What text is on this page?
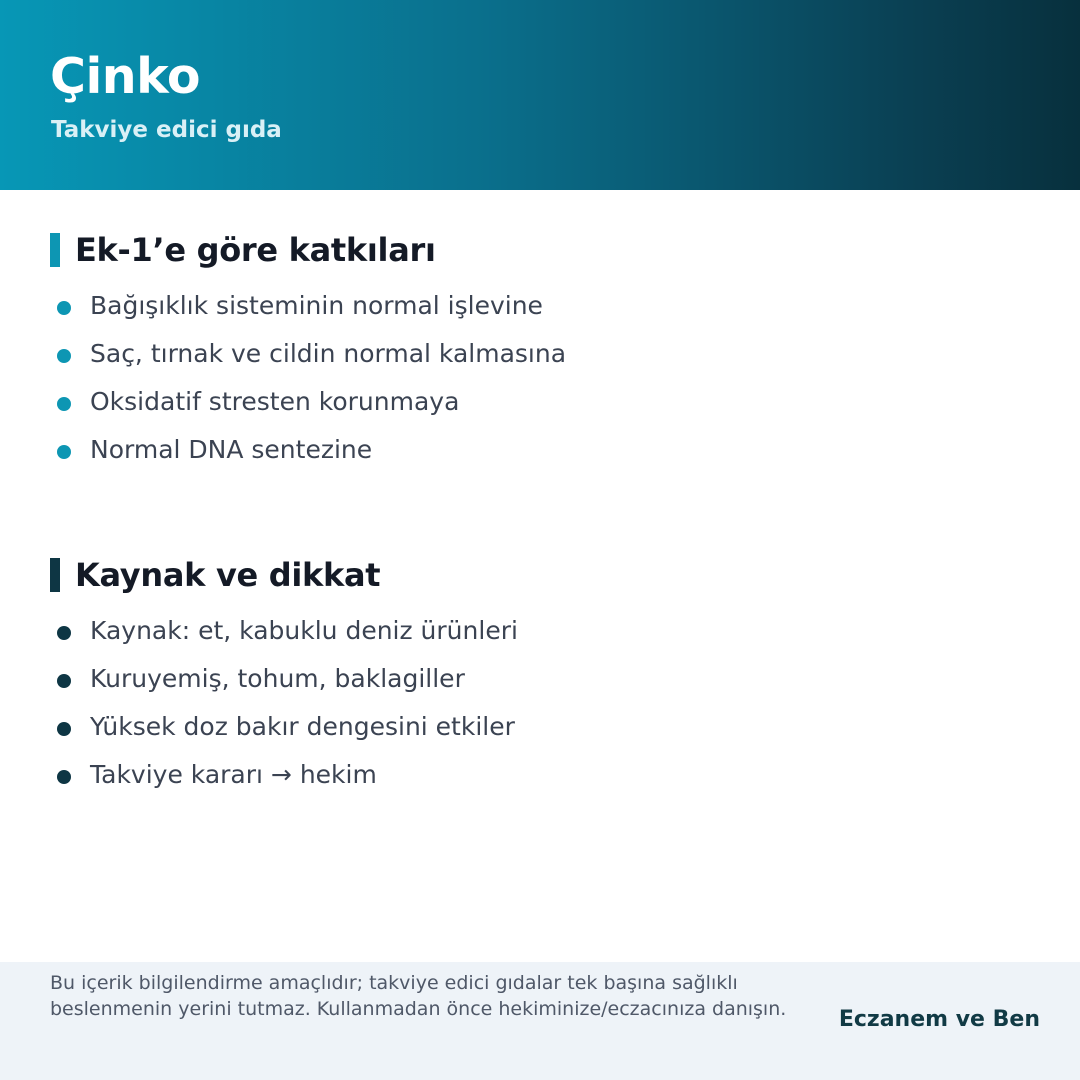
Çinko
Takviye edici gıda
Ek-1’e göre katkıları
Bağışıklık sisteminin normal işlevine
Saç, tırnak ve cildin normal kalmasına
Oksidatif stresten korunmaya
Normal DNA sentezine
Kaynak ve dikkat
Kaynak: et, kabuklu deniz ürünleri
Kuruyemiş, tohum, baklagiller
Yüksek doz bakır dengesini etkiler
Takviye kararı → hekim
Bu içerik bilgilendirme amaçlıdır; takviye edici gıdalar tek başına sağlıklı beslenmenin yerini tutmaz. Kullanmadan önce hekiminize/eczacınıza danışın.	Eczanem ve Ben
